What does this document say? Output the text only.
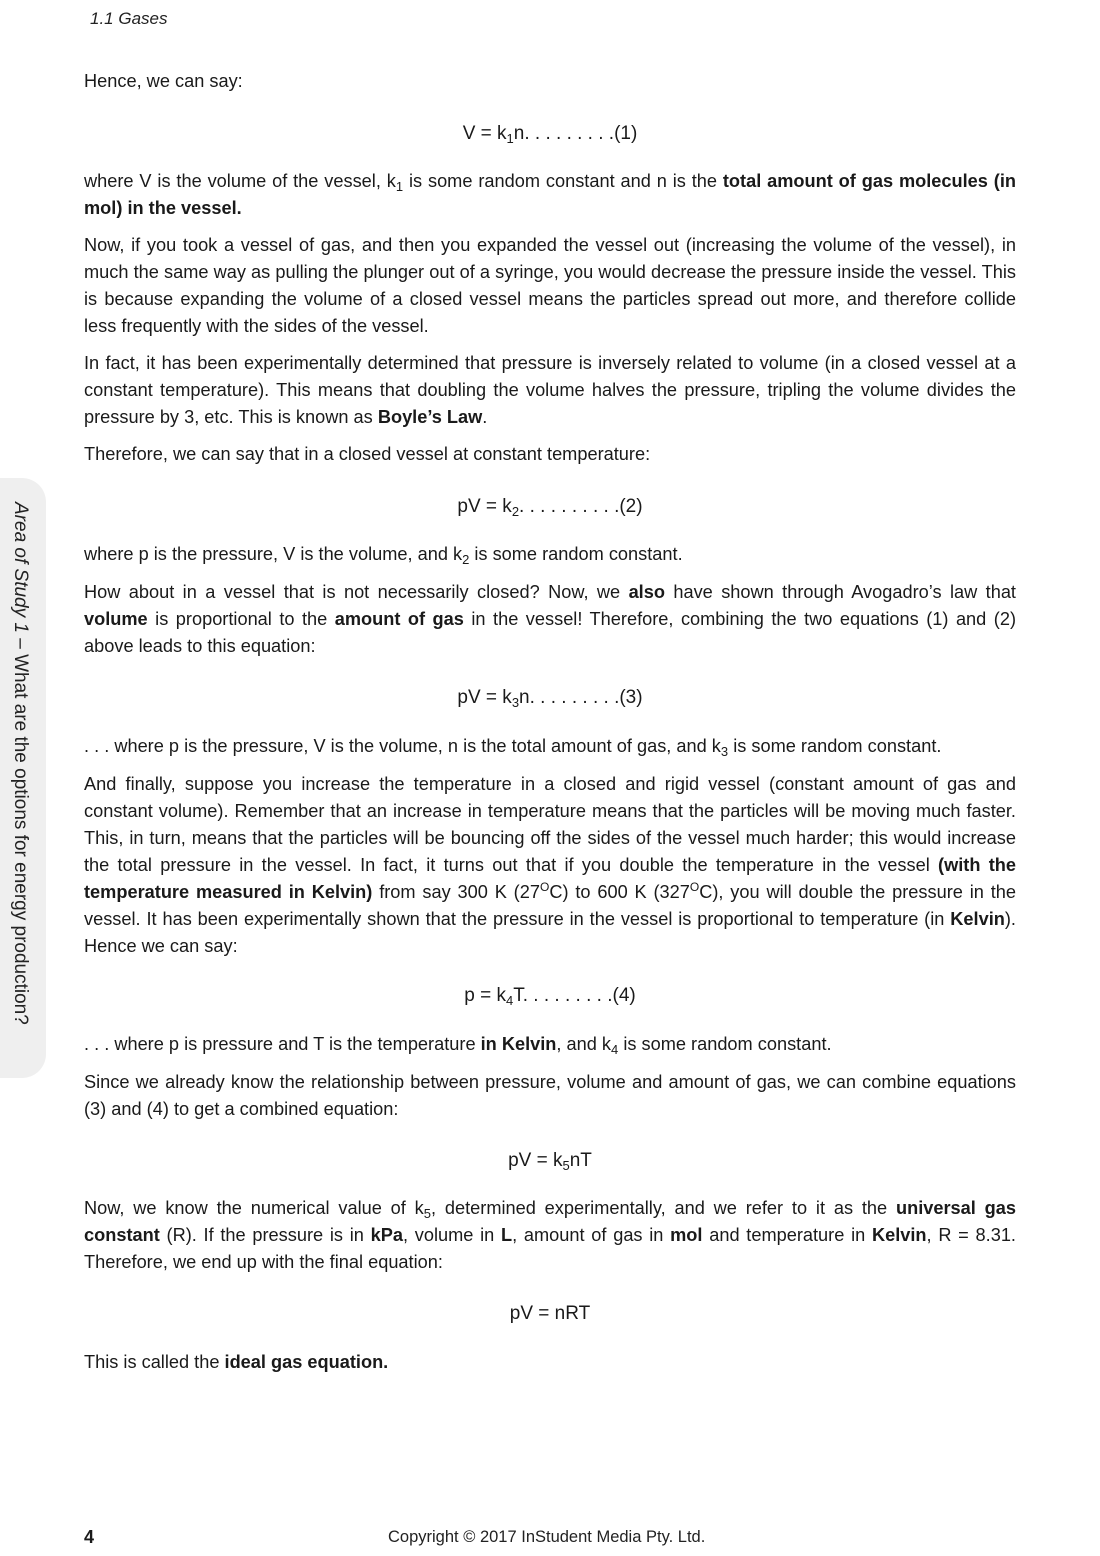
1.1 Gases
Area of Study 1 – What are the options for energy production?

Hence, we can say:

$V = k_1n$. . . . . . . . .(1)

where V is the volume of the vessel, $k_1$ is some random constant and n is the total amount of gas molecules (in mol) in the vessel.

Now, if you took a vessel of gas, and then you expanded the vessel out (increasing the volume of the vessel), in much the same way as pulling the plunger out of a syringe, you would decrease the pressure inside the vessel. This is because expanding the volume of a closed vessel means the particles spread out more, and therefore collide less frequently with the sides of the vessel.

In fact, it has been experimentally determined that pressure is inversely related to volume (in a closed vessel at a constant temperature). This means that doubling the volume halves the pressure, tripling the volume divides the pressure by 3, etc. This is known as Boyle’s Law.

Therefore, we can say that in a closed vessel at constant temperature:

pV = $k_2$. . . . . . . . . .(2)

where p is the pressure, V is the volume, and $k_2$ is some random constant.

How about in a vessel that is not necessarily closed? Now, we also have shown through Avogadro’s law that volume is proportional to the amount of gas in the vessel! Therefore, combining the two equations (1) and (2) above leads to this equation:

pV = $k_3n$. . . . . . . . .(3)

. . . where p is the pressure, V is the volume, n is the total amount of gas, and $k_3$ is some random constant.

And finally, suppose you increase the temperature in a closed and rigid vessel (constant amount of gas and constant volume). Remember that an increase in temperature means that the particles will be moving much faster. This, in turn, means that the particles will be bouncing off the sides of the vessel much harder; this would increase the total pressure in the vessel. In fact, it turns out that if you double the temperature in the vessel (with the temperature measured in Kelvin) from say 300 K $(27^OC)$ to 600 K $(327^OC)$, you will double the pressure in the vessel. It has been experimentally shown that the pressure in the vessel is proportional to temperature (in Kelvin). Hence we can say:

$p = k_4T$. . . . . . . . .(4)

. . . where p is pressure and T is the temperature in Kelvin, and $k_4$ is some random constant.

Since we already know the relationship between pressure, volume and amount of gas, we can combine equations (3) and (4) to get a combined equation:

pV = $k_5nT$

Now, we know the numerical value of $k_5$, determined experimentally, and we refer to it as the universal gas constant (R). If the pressure is in kPa, volume in L, amount of gas in mol and temperature in Kelvin, R = 8.31. Therefore, we end up with the final equation:

pV = nRT

This is called the ideal gas equation.

4	Copyright © 2017 InStudent Media Pty. Ltd.
